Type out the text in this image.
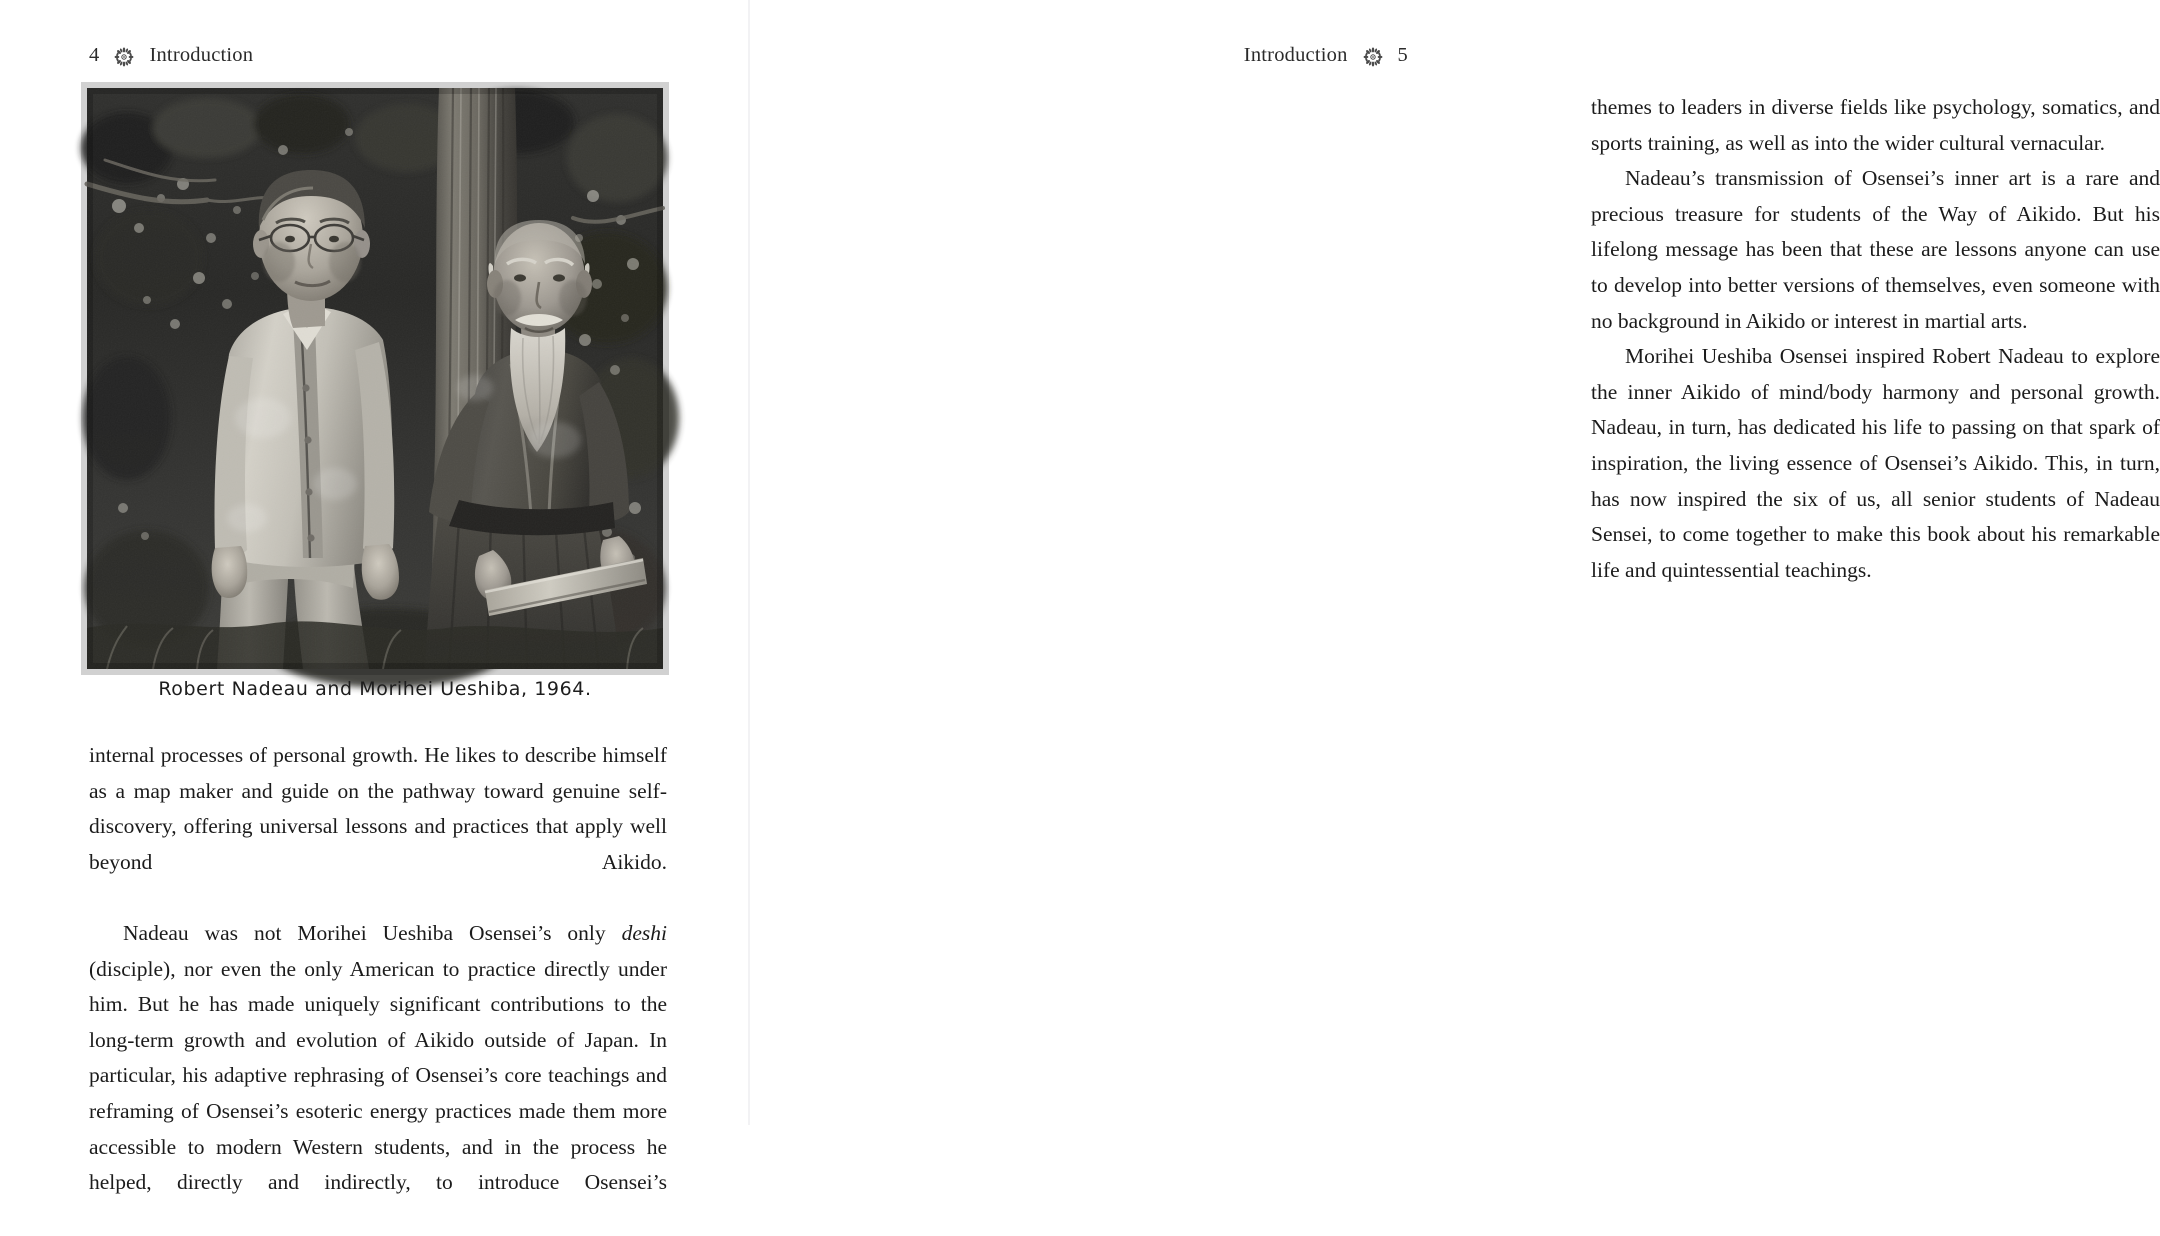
4 Introduction
Robert Nadeau and Morihei Ueshiba, 1964.

internal processes of personal growth. He likes to describe himself as a map maker and guide on the pathway toward genuine self-discovery, offering universal lessons and practices that apply well beyond Aikido.

Nadeau was not Morihei Ueshiba Osensei’s only deshi (disciple), nor even the only American to practice directly under him. But he has made uniquely significant contributions to the long-term growth and evolution of Aikido outside of Japan. In particular, his adaptive rephrasing of Osensei’s core teachings and reframing of Osensei’s esoteric energy practices made them more accessible to modern Western students, and in the process he helped, directly and indirectly, to introduce Osensei’s

Introduction 5

themes to leaders in diverse fields like psychology, somatics, and sports training, as well as into the wider cultural vernacular.

Nadeau’s transmission of Osensei’s inner art is a rare and precious treasure for students of the Way of Aikido. But his lifelong message has been that these are lessons anyone can use to develop into better versions of themselves, even someone with no background in Aikido or interest in martial arts.

Morihei Ueshiba Osensei inspired Robert Nadeau to explore the inner Aikido of mind/body harmony and personal growth. Nadeau, in turn, has dedicated his life to passing on that spark of inspiration, the living essence of Osensei’s Aikido. This, in turn, has now inspired the six of us, all senior students of Nadeau Sensei, to come together to make this book about his remarkable life and quintessential teachings.
